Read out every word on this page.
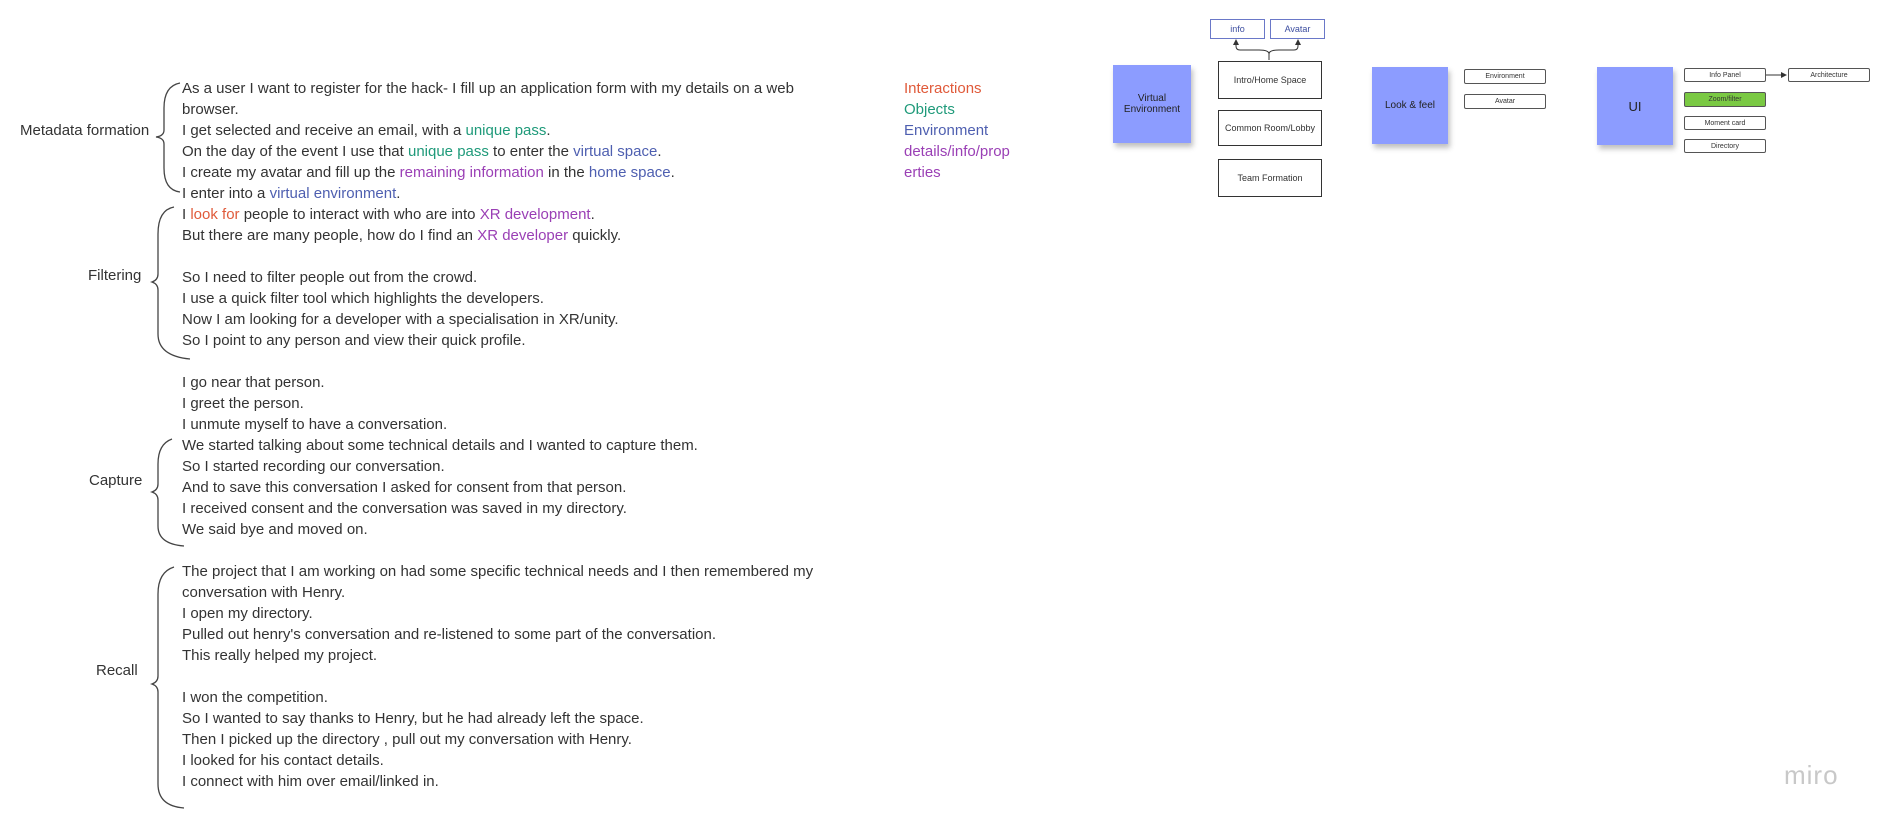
Metadata formation
Filtering
Capture
Recall
As a user I want to register for the hack- I fill up an application form with my details on a web
browser.
I get selected and receive an email, with a unique pass.
On the day of the event I use that unique pass to enter the virtual space.
I create my avatar and fill up the remaining information in the home space.
I enter into a virtual environment.
I look for people to interact with who are into XR development.
But there are many people, how do I find an XR developer quickly.
So I need to filter people out from the crowd.
I use a quick filter tool which highlights the developers.
Now I am looking for a developer with a specialisation in XR/unity.
So I point to any person and view their quick profile.
I go near that person.
I greet the person.
I unmute myself to have a conversation.
We started talking about some technical details and I wanted to capture them.
So I started recording our conversation.
And to save this conversation I asked for consent from that person.
I received consent and the conversation was saved in my directory.
We said bye and moved on.
The project that I am working on had some specific technical needs and I then remembered my
conversation with Henry.
I open my directory.
Pulled out henry's conversation and re-listened to some part of the conversation.
This really helped my project.
I won the competition.
So I wanted to say thanks to Henry, but he had already left the space.
Then I picked up the directory , pull out my conversation with Henry.
I looked for his contact details.
I connect with him over email/linked in.
Interactions
Objects
Environment
details/info/prop
erties
Virtual Environment
info	Avatar
Intro/Home Space
Common Room/Lobby
Team Formation
Look & feel
Environment
Avatar	UI
Info Panel	Architecture
Zoom/filter
Moment card
Directory
miro
